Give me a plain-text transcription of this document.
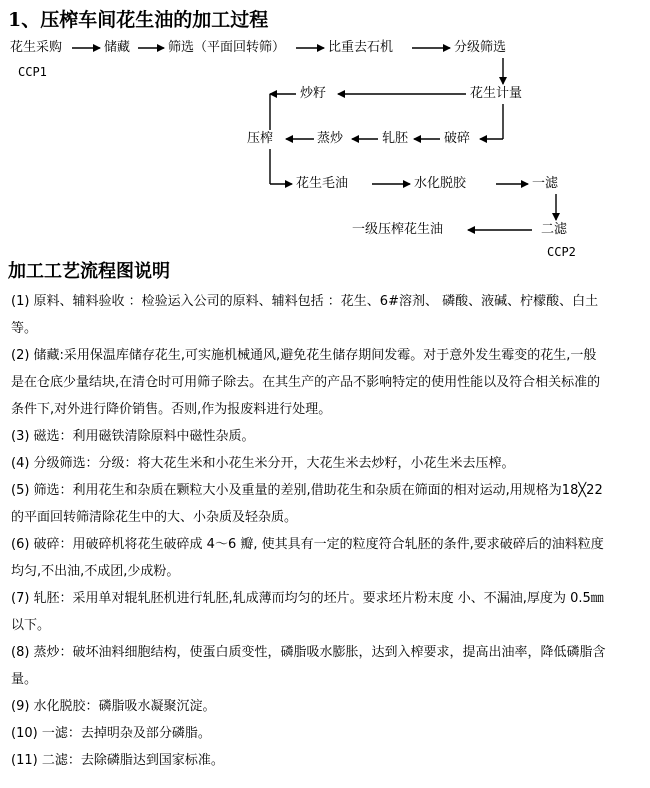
1、压榨车间花生油的加工过程
花生采购
CCP1
储藏	筛选（平面回转筛）	比重去石机	分级筛选
炒籽	花生计量
压榨	蒸炒	轧胚	破碎
花生毛油	水化脱胶	一滤
二滤
CCP2
一级压榨花生油
加工工艺流程图说明

(1) 原料、辅料验收 ：检验运入公司的原料、辅料包括 ：花生、6#溶剂、 磷酸、液碱、柠檬酸、白土等。

(2) 储藏:采用保温库储存花生,可实施机械通风,避免花生储存期间发霉。对于意外发生霉变的花生,一般是在仓底少量结块,在清仓时可用筛子除去。在其生产的产品不影响特定的使用性能以及符合相关标准的条件下,对外进行降价销售。否则,作为报废料进行处理。

(3) 磁选：利用磁铁清除原料中磁性杂质。

(4) 分级筛选：分级：将大花生米和小花生米分开，大花生米去炒籽，小花生米去压榨。

(5) 筛选：利用花生和杂质在颗粒大小及重量的差别,借助花生和杂质在筛面的相对运动,用规格为18╳22的平面回转筛清除花生中的大、小杂质及轻杂质。

(6) 破碎：用破碎机将花生破碎成 4～6 瓣, 使其具有一定的粒度符合轧胚的条件,要求破碎后的油料粒度均匀,不出油,不成团,少成粉。

(7) 轧胚：采用单对辊轧胚机进行轧胚,轧成薄而均匀的坯片。要求坯片粉末度 小、不漏油,厚度为 0.5㎜以下。

(8) 蒸炒：破坏油料细胞结构，使蛋白质变性，磷脂吸水膨胀，达到入榨要求，提高出油率，降低磷脂含量。

(9) 水化脱胶：磷脂吸水凝聚沉淀。

(10) 一滤：去掉明杂及部分磷脂。

(11) 二滤：去除磷脂达到国家标准。
